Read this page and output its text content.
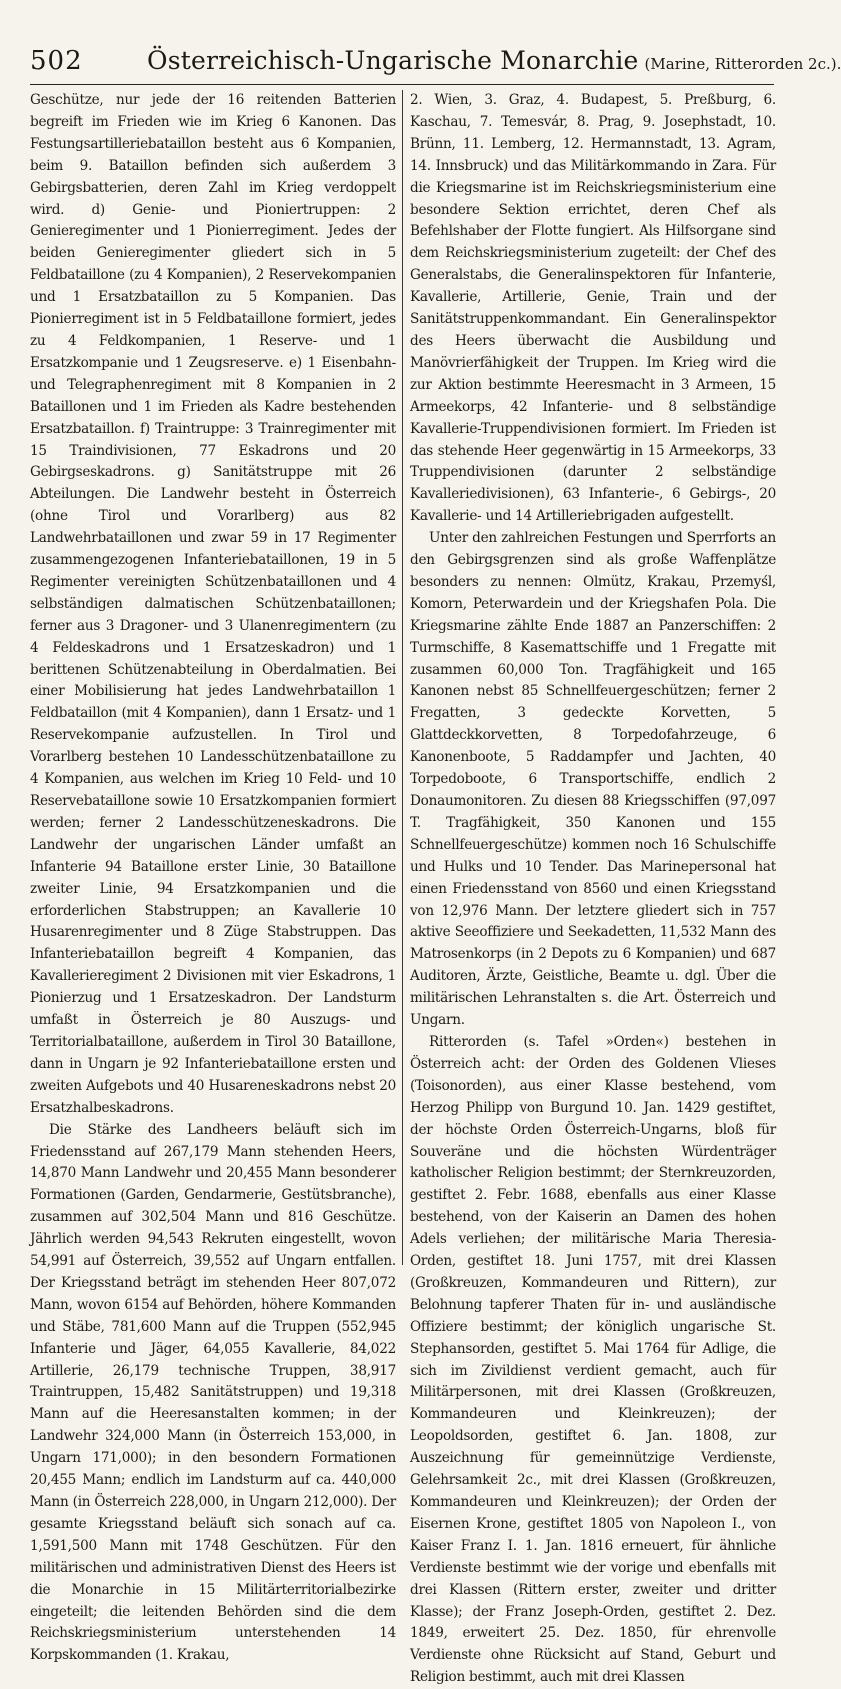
502	Österreichisch-Ungarische Monarchie (Marine, Ritterorden 2c.).

Geschütze, nur jede der 16 reitenden Batterien begreift im Frieden wie im Krieg 6 Kanonen. Das Festungsartilleriebataillon besteht aus 6 Kompanien, beim 9. Bataillon befinden sich außerdem 3 Gebirgsbatterien, deren Zahl im Krieg verdoppelt wird. d) Genie- und Pioniertruppen: 2 Genieregimenter und 1 Pionierregiment. Jedes der beiden Genieregimenter gliedert sich in 5 Feldbataillone (zu 4 Kompanien), 2 Reservekompanien und 1 Ersatzbataillon zu 5 Kompanien. Das Pionierregiment ist in 5 Feldbataillone formiert, jedes zu 4 Feldkompanien, 1 Reserve- und 1 Ersatzkompanie und 1 Zeugsreserve. e) 1 Eisenbahn- und Telegraphenregiment mit 8 Kompanien in 2 Bataillonen und 1 im Frieden als Kadre bestehenden Ersatzbataillon. f) Traintruppe: 3 Trainregimenter mit 15 Traindivisionen, 77 Eskadrons und 20 Gebirgseskadrons. g) Sanitätstruppe mit 26 Abteilungen. Die Landwehr besteht in Österreich (ohne Tirol und Vorarlberg) aus 82 Landwehrbataillonen und zwar 59 in 17 Regimenter zusammengezogenen Infanteriebataillonen, 19 in 5 Regimenter vereinigten Schützenbataillonen und 4 selbständigen dalmatischen Schützenbataillonen; ferner aus 3 Dragoner- und 3 Ulanenregimentern (zu 4 Feldeskadrons und 1 Ersatzeskadron) und 1 berittenen Schützenabteilung in Oberdalmatien. Bei einer Mobilisierung hat jedes Landwehrbataillon 1 Feldbataillon (mit 4 Kompanien), dann 1 Ersatz- und 1 Reservekompanie aufzustellen. In Tirol und Vorarlberg bestehen 10 Landesschützenbataillone zu 4 Kompanien, aus welchen im Krieg 10 Feld- und 10 Reservebataillone sowie 10 Ersatzkompanien formiert werden; ferner 2 Landesschützeneskadrons. Die Landwehr der ungarischen Länder umfaßt an Infanterie 94 Bataillone erster Linie, 30 Bataillone zweiter Linie, 94 Ersatzkompanien und die erforderlichen Stabstruppen; an Kavallerie 10 Husarenregimenter und 8 Züge Stabstruppen. Das Infanteriebataillon begreift 4 Kompanien, das Kavallerieregiment 2 Divisionen mit vier Eskadrons, 1 Pionierzug und 1 Ersatzeskadron. Der Landsturm umfaßt in Österreich je 80 Auszugs- und Territorialbataillone, außerdem in Tirol 30 Bataillone, dann in Ungarn je 92 Infanteriebataillone ersten und zweiten Aufgebots und 40 Husareneskadrons nebst 20 Ersatzhalbeskadrons.

Die Stärke des Landheers beläuft sich im Friedensstand auf 267,179 Mann stehenden Heers, 14,870 Mann Landwehr und 20,455 Mann besonderer Formationen (Garden, Gendarmerie, Gestütsbranche), zusammen auf 302,504 Mann und 816 Geschütze. Jährlich werden 94,543 Rekruten eingestellt, wovon 54,991 auf Österreich, 39,552 auf Ungarn entfallen. Der Kriegsstand beträgt im stehenden Heer 807,072 Mann, wovon 6154 auf Behörden, höhere Kommanden und Stäbe, 781,600 Mann auf die Truppen (552,945 Infanterie und Jäger, 64,055 Kavallerie, 84,022 Artillerie, 26,179 technische Truppen, 38,917 Traintruppen, 15,482 Sanitätstruppen) und 19,318 Mann auf die Heeresanstalten kommen; in der Landwehr 324,000 Mann (in Österreich 153,000, in Ungarn 171,000); in den besondern Formationen 20,455 Mann; endlich im Landsturm auf ca. 440,000 Mann (in Österreich 228,000, in Ungarn 212,000). Der gesamte Kriegsstand beläuft sich sonach auf ca. 1,591,500 Mann mit 1748 Geschützen. Für den militärischen und administrativen Dienst des Heers ist die Monarchie in 15 Militärterritorialbezirke eingeteilt; die leitenden Behörden sind die dem Reichskriegsministerium unterstehenden 14 Korpskommanden (1. Krakau,

2. Wien, 3. Graz, 4. Budapest, 5. Preßburg, 6. Kaschau, 7. Temesvár, 8. Prag, 9. Josephstadt, 10. Brünn, 11. Lemberg, 12. Hermannstadt, 13. Agram, 14. Innsbruck) und das Militärkommando in Zara. Für die Kriegsmarine ist im Reichskriegsministerium eine besondere Sektion errichtet, deren Chef als Befehlshaber der Flotte fungiert. Als Hilfsorgane sind dem Reichskriegsministerium zugeteilt: der Chef des Generalstabs, die Generalinspektoren für Infanterie, Kavallerie, Artillerie, Genie, Train und der Sanitätstruppenkommandant. Ein Generalinspektor des Heers überwacht die Ausbildung und Manövrierfähigkeit der Truppen. Im Krieg wird die zur Aktion bestimmte Heeresmacht in 3 Armeen, 15 Armeekorps, 42 Infanterie- und 8 selbständige Kavallerie-Truppendivisionen formiert. Im Frieden ist das stehende Heer gegenwärtig in 15 Armeekorps, 33 Truppendivisionen (darunter 2 selbständige Kavalleriedivisionen), 63 Infanterie-, 6 Gebirgs-, 20 Kavallerie- und 14 Artilleriebrigaden aufgestellt.

Unter den zahlreichen Festungen und Sperrforts an den Gebirgsgrenzen sind als große Waffenplätze besonders zu nennen: Olmütz, Krakau, Przemyśl, Komorn, Peterwardein und der Kriegshafen Pola. Die Kriegsmarine zählte Ende 1887 an Panzerschiffen: 2 Turmschiffe, 8 Kasemattschiffe und 1 Fregatte mit zusammen 60,000 Ton. Tragfähigkeit und 165 Kanonen nebst 85 Schnellfeuergeschützen; ferner 2 Fregatten, 3 gedeckte Korvetten, 5 Glattdeckkorvetten, 8 Torpedofahrzeuge, 6 Kanonenboote, 5 Raddampfer und Jachten, 40 Torpedoboote, 6 Transportschiffe, endlich 2 Donaumonitoren. Zu diesen 88 Kriegsschiffen (97,097 T. Tragfähigkeit, 350 Kanonen und 155 Schnellfeuergeschütze) kommen noch 16 Schulschiffe und Hulks und 10 Tender. Das Marinepersonal hat einen Friedensstand von 8560 und einen Kriegsstand von 12,976 Mann. Der letztere gliedert sich in 757 aktive Seeoffiziere und Seekadetten, 11,532 Mann des Matrosenkorps (in 2 Depots zu 6 Kompanien) und 687 Auditoren, Ärzte, Geistliche, Beamte u. dgl. Über die militärischen Lehranstalten s. die Art. Österreich und Ungarn.

Ritterorden (s. Tafel »Orden«) bestehen in Österreich acht: der Orden des Goldenen Vlieses (Toisonorden), aus einer Klasse bestehend, vom Herzog Philipp von Burgund 10. Jan. 1429 gestiftet, der höchste Orden Österreich-Ungarns, bloß für Souveräne und die höchsten Würdenträger katholischer Religion bestimmt; der Sternkreuzorden, gestiftet 2. Febr. 1688, ebenfalls aus einer Klasse bestehend, von der Kaiserin an Damen des hohen Adels verliehen; der militärische Maria Theresia-Orden, gestiftet 18. Juni 1757, mit drei Klassen (Großkreuzen, Kommandeuren und Rittern), zur Belohnung tapferer Thaten für in- und ausländische Offiziere bestimmt; der königlich ungarische St. Stephansorden, gestiftet 5. Mai 1764 für Adlige, die sich im Zivildienst verdient gemacht, auch für Militärpersonen, mit drei Klassen (Großkreuzen, Kommandeuren und Kleinkreuzen); der Leopoldsorden, gestiftet 6. Jan. 1808, zur Auszeichnung für gemeinnützige Verdienste, Gelehrsamkeit 2c., mit drei Klassen (Großkreuzen, Kommandeuren und Kleinkreuzen); der Orden der Eisernen Krone, gestiftet 1805 von Napoleon I., von Kaiser Franz I. 1. Jan. 1816 erneuert, für ähnliche Verdienste bestimmt wie der vorige und ebenfalls mit drei Klassen (Rittern erster, zweiter und dritter Klasse); der Franz Joseph-Orden, gestiftet 2. Dez. 1849, erweitert 25. Dez. 1850, für ehrenvolle Verdienste ohne Rücksicht auf Stand, Geburt und Religion bestimmt, auch mit drei Klassen
